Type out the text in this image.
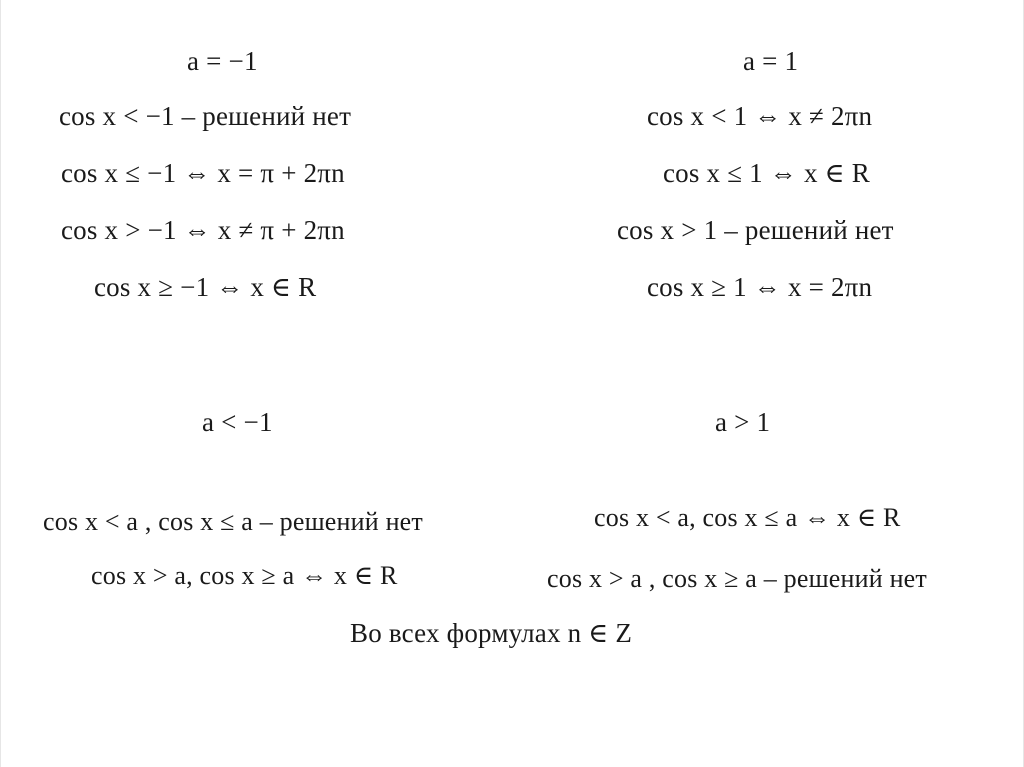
a = −1
cos x < −1 – решений нет
cos x ≤ −1 ⇔ x = π + 2πn
cos x > −1 ⇔ x ≠ π + 2πn
cos x ≥ −1 ⇔ x ∈ R
a = 1
cos x < 1 ⇔ x ≠ 2πn
cos x ≤ 1 ⇔ x ∈ R
cos x > 1 – решений нет
cos x ≥ 1 ⇔ x = 2πn
a < −1
cos x < a , cos x ≤ a – решений нет
cos x > a, cos x ≥ a ⇔ x ∈ R
a > 1
cos x < a, cos x ≤ a ⇔ x ∈ R
cos x > a , cos x ≥ a – решений нет
Во всех формулах n ∈ Z
